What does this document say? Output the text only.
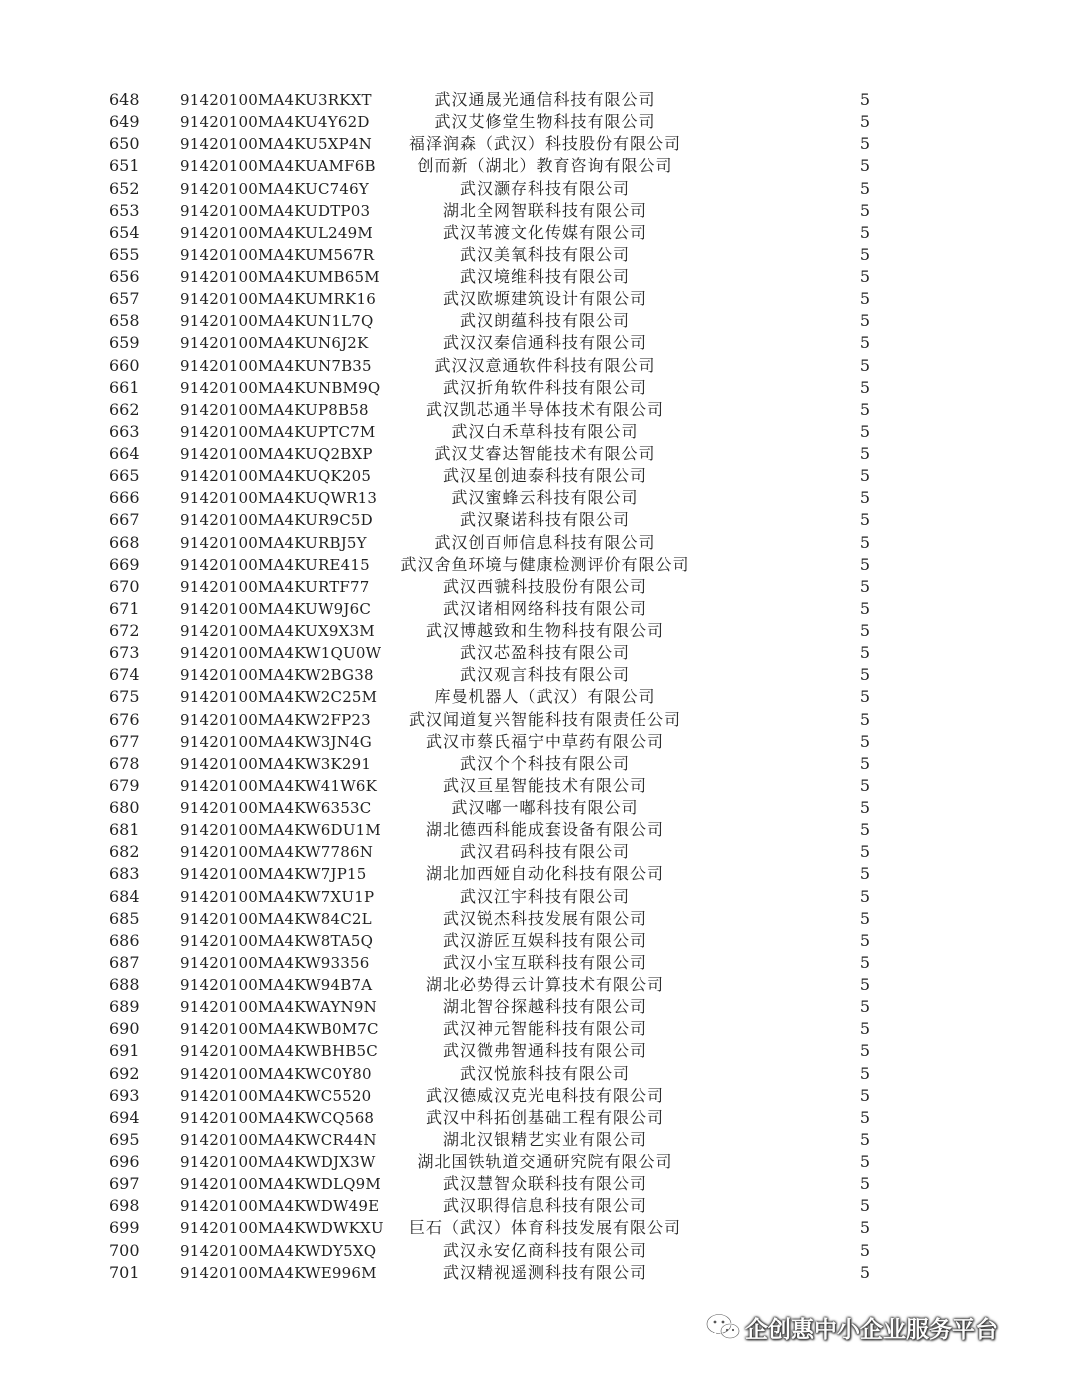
648	91420100MA4KU3RKXT	武汉通晟光通信科技有限公司	5
649	91420100MA4KU4Y62D	武汉艾修堂生物科技有限公司	5
650	91420100MA4KU5XP4N	福泽润森（武汉）科技股份有限公司	5
651	91420100MA4KUAMF6B	创而新（湖北）教育咨询有限公司	5
652	91420100MA4KUC746Y	武汉灏存科技有限公司	5
653	91420100MA4KUDTP03	湖北全网智联科技有限公司	5
654	91420100MA4KUL249M	武汉苇渡文化传媒有限公司	5
655	91420100MA4KUM567R	武汉美氧科技有限公司	5
656	91420100MA4KUMB65M	武汉境维科技有限公司	5
657	91420100MA4KUMRK16	武汉欧塬建筑设计有限公司	5
658	91420100MA4KUN1L7Q	武汉朗蕴科技有限公司	5
659	91420100MA4KUN6J2K	武汉汉秦信通科技有限公司	5
660	91420100MA4KUN7B35	武汉汉意通软件科技有限公司	5
661	91420100MA4KUNBM9Q	武汉折角软件科技有限公司	5
662	91420100MA4KUP8B58	武汉凯芯通半导体技术有限公司	5
663	91420100MA4KUPTC7M	武汉白禾草科技有限公司	5
664	91420100MA4KUQ2BXP	武汉艾睿达智能技术有限公司	5
665	91420100MA4KUQK205	武汉星创迪泰科技有限公司	5
666	91420100MA4KUQWR13	武汉蜜蜂云科技有限公司	5
667	91420100MA4KUR9C5D	武汉聚诺科技有限公司	5
668	91420100MA4KURBJ5Y	武汉创百师信息科技有限公司	5
669	91420100MA4KURE415	武汉舍鱼环境与健康检测评价有限公司	5
670	91420100MA4KURTF77	武汉西虢科技股份有限公司	5
671	91420100MA4KUW9J6C	武汉诸相网络科技有限公司	5
672	91420100MA4KUX9X3M	武汉博越致和生物科技有限公司	5
673	91420100MA4KW1QU0W	武汉芯盈科技有限公司	5
674	91420100MA4KW2BG38	武汉观言科技有限公司	5
675	91420100MA4KW2C25M	库曼机器人（武汉）有限公司	5
676	91420100MA4KW2FP23	武汉闻道复兴智能科技有限责任公司	5
677	91420100MA4KW3JN4G	武汉市蔡氏福宁中草药有限公司	5
678	91420100MA4KW3K291	武汉个个科技有限公司	5
679	91420100MA4KW41W6K	武汉亘星智能技术有限公司	5
680	91420100MA4KW6353C	武汉嘟一嘟科技有限公司	5
681	91420100MA4KW6DU1M	湖北德西科能成套设备有限公司	5
682	91420100MA4KW7786N	武汉君码科技有限公司	5
683	91420100MA4KW7JP15	湖北加西娅自动化科技有限公司	5
684	91420100MA4KW7XU1P	武汉江宇科技有限公司	5
685	91420100MA4KW84C2L	武汉锐杰科技发展有限公司	5
686	91420100MA4KW8TA5Q	武汉游匠互娱科技有限公司	5
687	91420100MA4KW93356	武汉小宝互联科技有限公司	5
688	91420100MA4KW94B7A	湖北必势得云计算技术有限公司	5
689	91420100MA4KWAYN9N	湖北智谷探越科技有限公司	5
690	91420100MA4KWB0M7C	武汉神元智能科技有限公司	5
691	91420100MA4KWBHB5C	武汉微弗智通科技有限公司	5
692	91420100MA4KWC0Y80	武汉悦旅科技有限公司	5
693	91420100MA4KWC5520	武汉德威汉克光电科技有限公司	5
694	91420100MA4KWCQ568	武汉中科拓创基础工程有限公司	5
695	91420100MA4KWCR44N	湖北汉银精艺实业有限公司	5
696	91420100MA4KWDJX3W	湖北国铁轨道交通研究院有限公司	5
697	91420100MA4KWDLQ9M	武汉慧智众联科技有限公司	5
698	91420100MA4KWDW49E	武汉职得信息科技有限公司	5
699	91420100MA4KWDWKXU	巨石（武汉）体育科技发展有限公司	5
700	91420100MA4KWDY5XQ	武汉永安亿商科技有限公司	5
701	91420100MA4KWE996M	武汉精视遥测科技有限公司	5
企创惠中小企业服务平台
